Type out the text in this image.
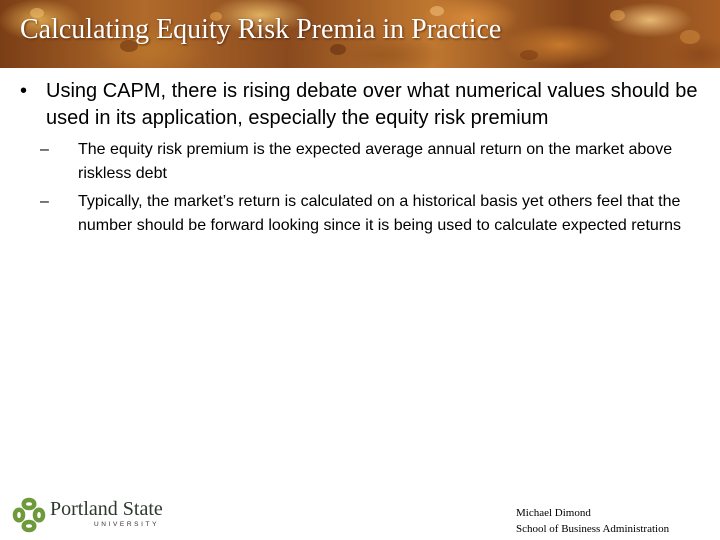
Calculating Equity Risk Premia in Practice
• Using CAPM, there is rising debate over what numerical values should be used in its application, especially the equity risk premium
– The equity risk premium is the expected average annual return on the market above riskless debt
– Typically, the market’s return is calculated on a historical basis yet others feel that the number should be forward looking since it is being used to calculate expected returns
Portland State
UNIVERSITY
Michael Dimond
School of Business Administration
